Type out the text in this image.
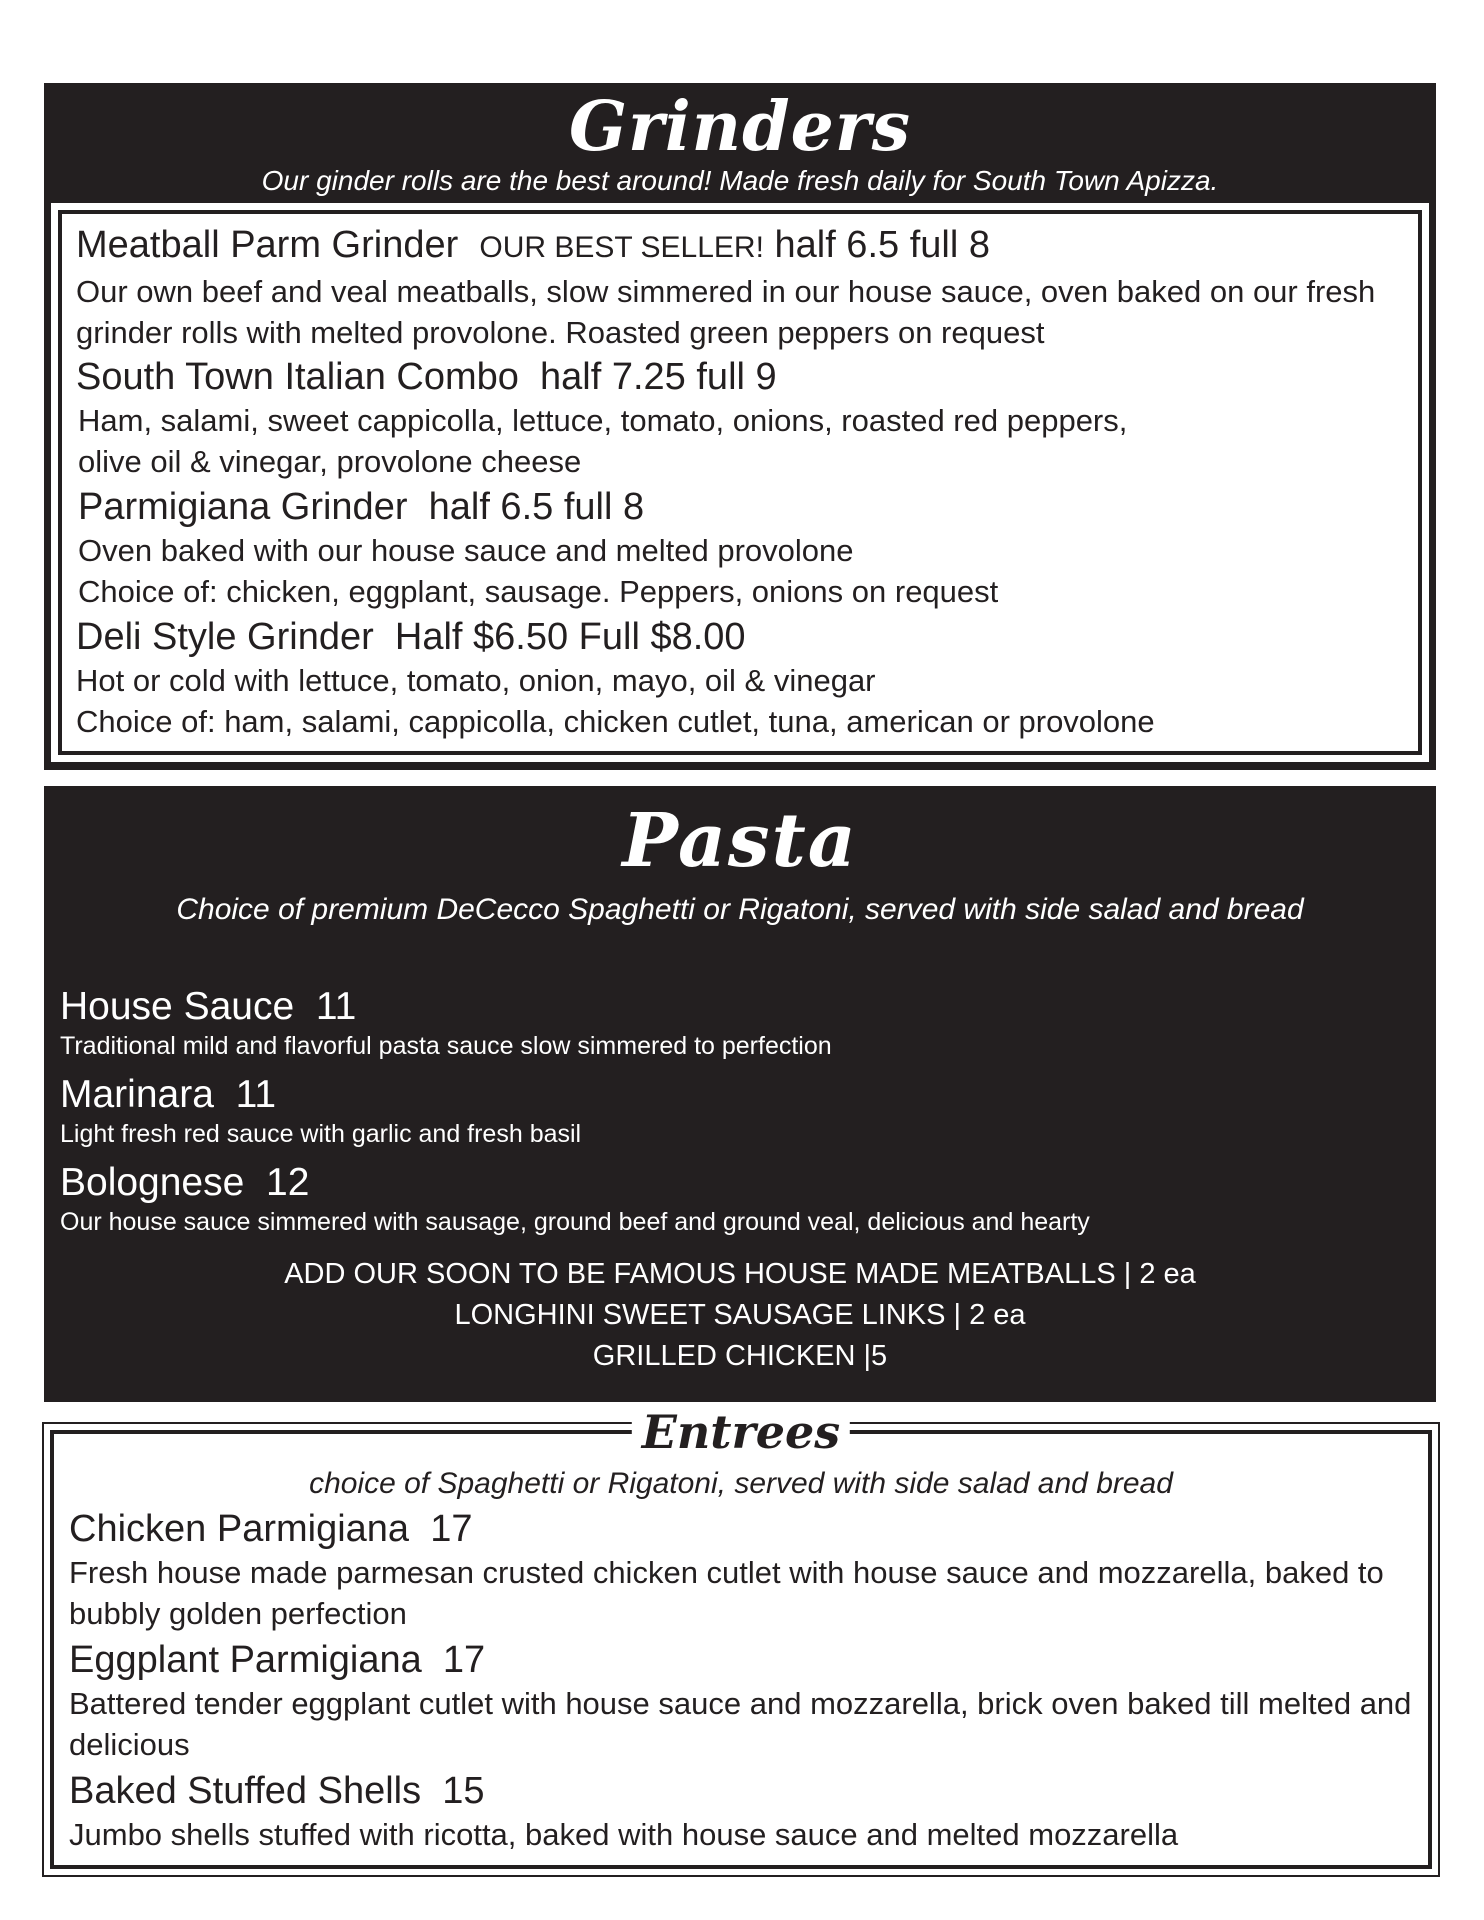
Grinders
Our ginder rolls are the best around! Made fresh daily for South Town Apizza.
Meatball Parm Grinder OUR BEST SELLER! half 6.5 full 8
Our own beef and veal meatballs, slow simmered in our house sauce, oven baked on our fresh grinder rolls with melted provolone. Roasted green peppers on request
South Town Italian Combo half 7.25 full 9
Ham, salami, sweet cappicolla, lettuce, tomato, onions, roasted red peppers,
olive oil & vinegar, provolone cheese
Parmigiana Grinder half 6.5 full 8
Oven baked with our house sauce and melted provolone
Choice of: chicken, eggplant, sausage. Peppers, onions on request
Deli Style Grinder Half $6.50 Full $8.00
Hot or cold with lettuce, tomato, onion, mayo, oil & vinegar
Choice of: ham, salami, cappicolla, chicken cutlet, tuna, american or provolone
Pasta
Choice of premium DeCecco Spaghetti or Rigatoni, served with side salad and bread
House Sauce 11
Traditional mild and flavorful pasta sauce slow simmered to perfection
Marinara 11
Light fresh red sauce with garlic and fresh basil
Bolognese 12
Our house sauce simmered with sausage, ground beef and ground veal, delicious and hearty
ADD OUR SOON TO BE FAMOUS HOUSE MADE MEATBALLS | 2 ea
LONGHINI SWEET SAUSAGE LINKS | 2 ea
GRILLED CHICKEN |5
Entrees
choice of Spaghetti or Rigatoni, served with side salad and bread
Chicken Parmigiana 17
Fresh house made parmesan crusted chicken cutlet with house sauce and mozzarella, baked to bubbly golden perfection
Eggplant Parmigiana 17
Battered tender eggplant cutlet with house sauce and mozzarella, brick oven baked till melted and delicious
Baked Stuffed Shells 15
Jumbo shells stuffed with ricotta, baked with house sauce and melted mozzarella
